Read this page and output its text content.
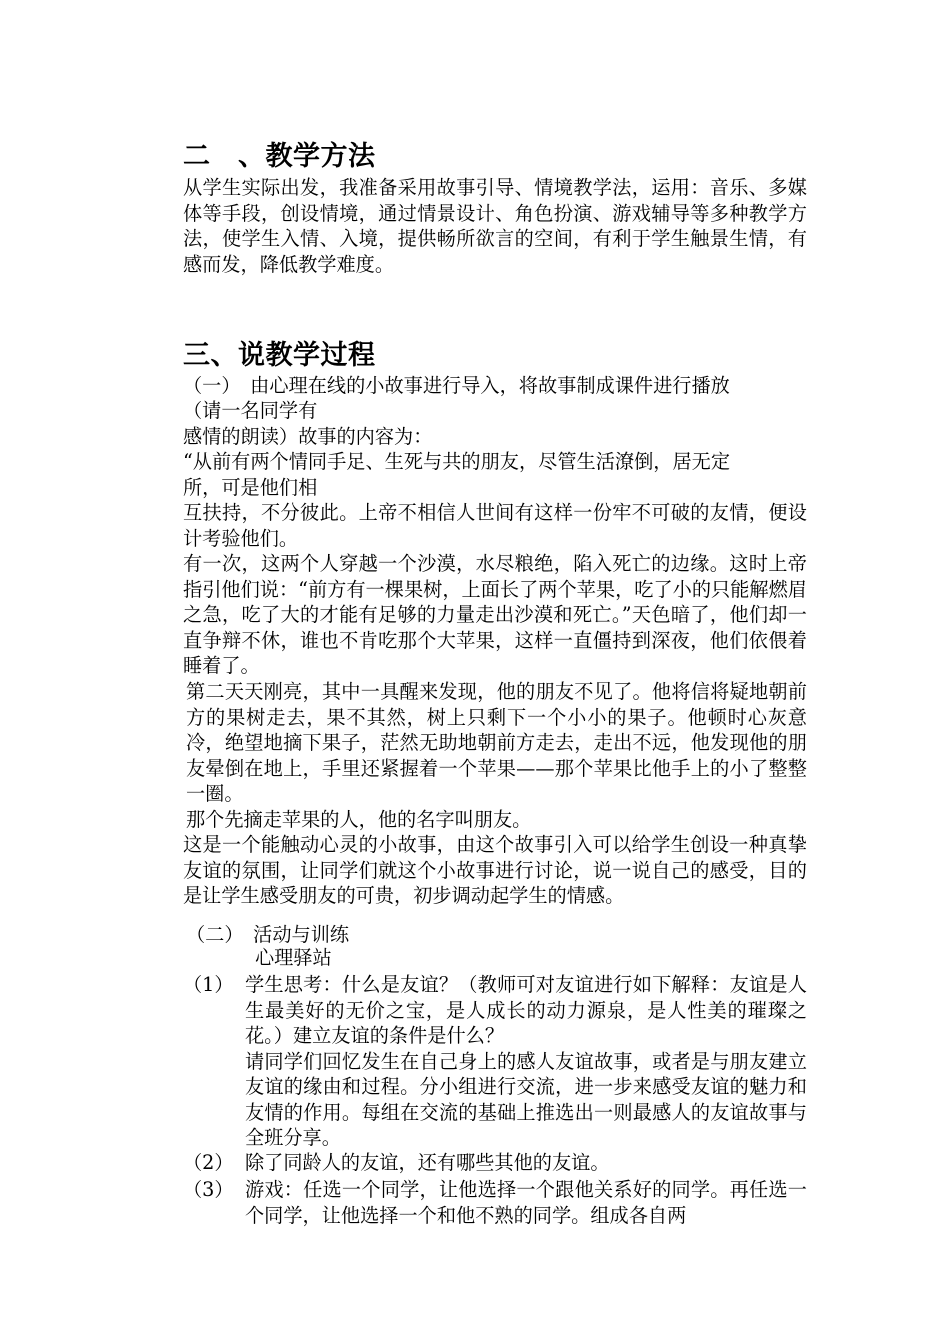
二　、教学方法

从学生实际出发，我准备采用故事引导、情境教学法，运用：音乐、多媒体等手段，创设情境，通过情景设计、角色扮演、游戏辅导等多种教学方法，使学生入情、入境，提供畅所欲言的空间，有利于学生触景生情，有感而发，降低教学难度。

三、说教学过程

（一）　由心理在线的小故事进行导入，将故事制成课件进行播放

（请一名同学有

感情的朗读）故事的内容为：

“从前有两个情同手足、生死与共的朋友，尽管生活潦倒，居无定

所，可是他们相

互扶持，不分彼此。上帝不相信人世间有这样一份牢不可破的友情，便设计考验他们。

有一次，这两个人穿越一个沙漠，水尽粮绝，陷入死亡的边缘。这时上帝指引他们说：“前方有一棵果树，上面长了两个苹果，吃了小的只能解燃眉之急，吃了大的才能有足够的力量走出沙漠和死亡。”天色暗了，他们却一直争辩不休，谁也不肯吃那个大苹果，这样一直僵持到深夜，他们依偎着睡着了。

第二天天刚亮，其中一具醒来发现，他的朋友不见了。他将信将疑地朝前方的果树走去，果不其然，树上只剩下一个小小的果子。他顿时心灰意冷，绝望地摘下果子，茫然无助地朝前方走去，走出不远，他发现他的朋友晕倒在地上，手里还紧握着一个苹果——那个苹果比他手上的小了整整一圈。

那个先摘走苹果的人，他的名字叫朋友。

这是一个能触动心灵的小故事，由这个故事引入可以给学生创设一种真挚友谊的氛围，让同学们就这个小故事进行讨论，说一说自己的感受，目的是让学生感受朋友的可贵，初步调动起学生的情感。

（二）　活动与训练

心理驿站

（1） 学生思考：什么是友谊？（教师可对友谊进行如下解释：友谊是人生最美好的无价之宝，是人成长的动力源泉，是人性美的璀璨之花。）建立友谊的条件是什么？
请同学们回忆发生在自己身上的感人友谊故事，或者是与朋友建立友谊的缘由和过程。分小组进行交流，进一步来感受友谊的魅力和友情的作用。每组在交流的基础上推选出一则最感人的友谊故事与全班分享。
（2） 除了同龄人的友谊，还有哪些其他的友谊。
（3） 游戏：任选一个同学，让他选择一个跟他关系好的同学。再任选一个同学，让他选择一个和他不熟的同学。组成各自两
